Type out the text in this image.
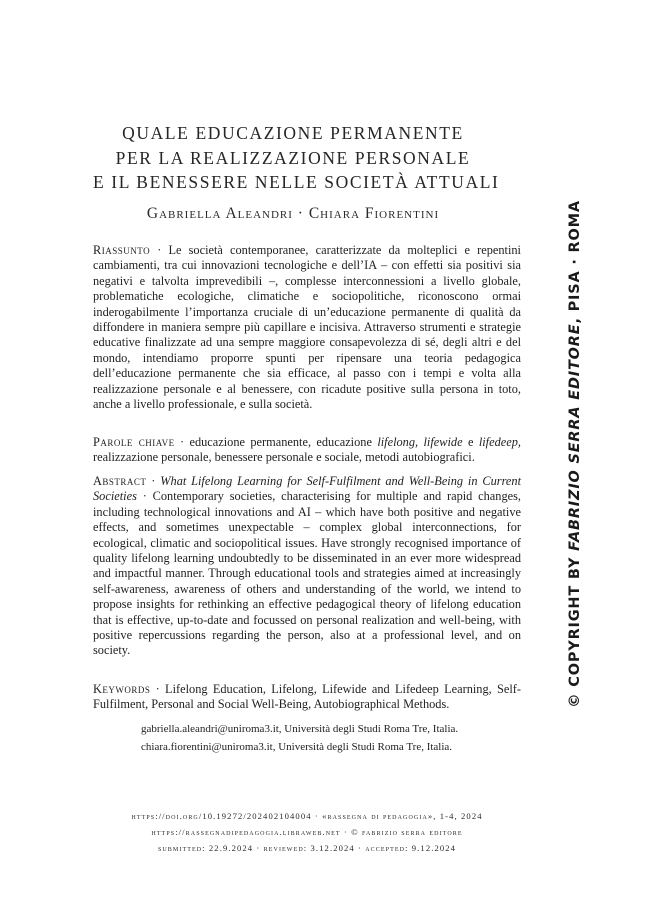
QUALE EDUCAZIONE PERMANENTE
PER LA REALIZZAZIONE PERSONALE
E IL BENESSERE NELLE SOCIETÀ ATTUALI
Gabriella Aleandri · Chiara Fiorentini
Riassunto · Le società contemporanee, caratterizzate da molteplici e repentini cambiamenti, tra cui innovazioni tecnologiche e dell’IA – con effetti sia positivi sia negativi e talvolta imprevedibili –, complesse interconnessioni a livello globale, problematiche ecologiche, climatiche e sociopolitiche, riconoscono ormai inderogabilmente l’importanza cruciale di un’educazione permanente di qualità da diffondere in maniera sempre più capillare e incisiva. Attraverso strumenti e strategie educative finalizzate ad una sempre maggiore consapevolezza di sé, degli altri e del mondo, intendiamo proporre spunti per ripensare una teoria pedagogica dell’educazione permanente che sia efficace, al passo con i tempi e volta alla realizzazione personale e al benessere, con ricadute positive sulla persona in toto, anche a livello professionale, e sulla società.
Parole chiave · educazione permanente, educazione lifelong, lifewide e lifedeep, realizzazione personale, benessere personale e sociale, metodi autobiografici.
Abstract · What Lifelong Learning for Self-Fulfilment and Well-Being in Current Societies · Contemporary societies, characterising for multiple and rapid changes, including technological innovations and AI – which have both positive and negative effects, and sometimes unexpectable – complex global interconnections, for ecological, climatic and sociopolitical issues. Have strongly recognised importance of quality lifelong learning undoubtedly to be disseminated in an ever more widespread and impactful manner. Through educational tools and strategies aimed at increasingly self-awareness, awareness of others and understanding of the world, we intend to propose insights for rethinking an effective pedagogical theory of lifelong education that is effective, up-to-date and focussed on personal realization and well-being, with positive repercussions regarding the person, also at a professional level, and on society.
Keywords · Lifelong Education, Lifelong, Lifewide and Lifedeep Learning, Self-Fulfilment, Personal and Social Well-Being, Autobiographical Methods.
gabriella.aleandri@uniroma3.it, Università degli Studi Roma Tre, Italia.
chiara.fiorentini@uniroma3.it, Università degli Studi Roma Tre, Italia.
https://doi.org/10.19272/202402104004 · «rassegna di pedagogia», 1-4, 2024
https://rassegnadipedagogia.libraweb.net · © fabrizio serra editore
submitted: 22.9.2024 · reviewed: 3.12.2024 · accepted: 9.12.2024
© COPYRIGHT BY FABRIZIO SERRA EDITORE, PISA · ROMA
